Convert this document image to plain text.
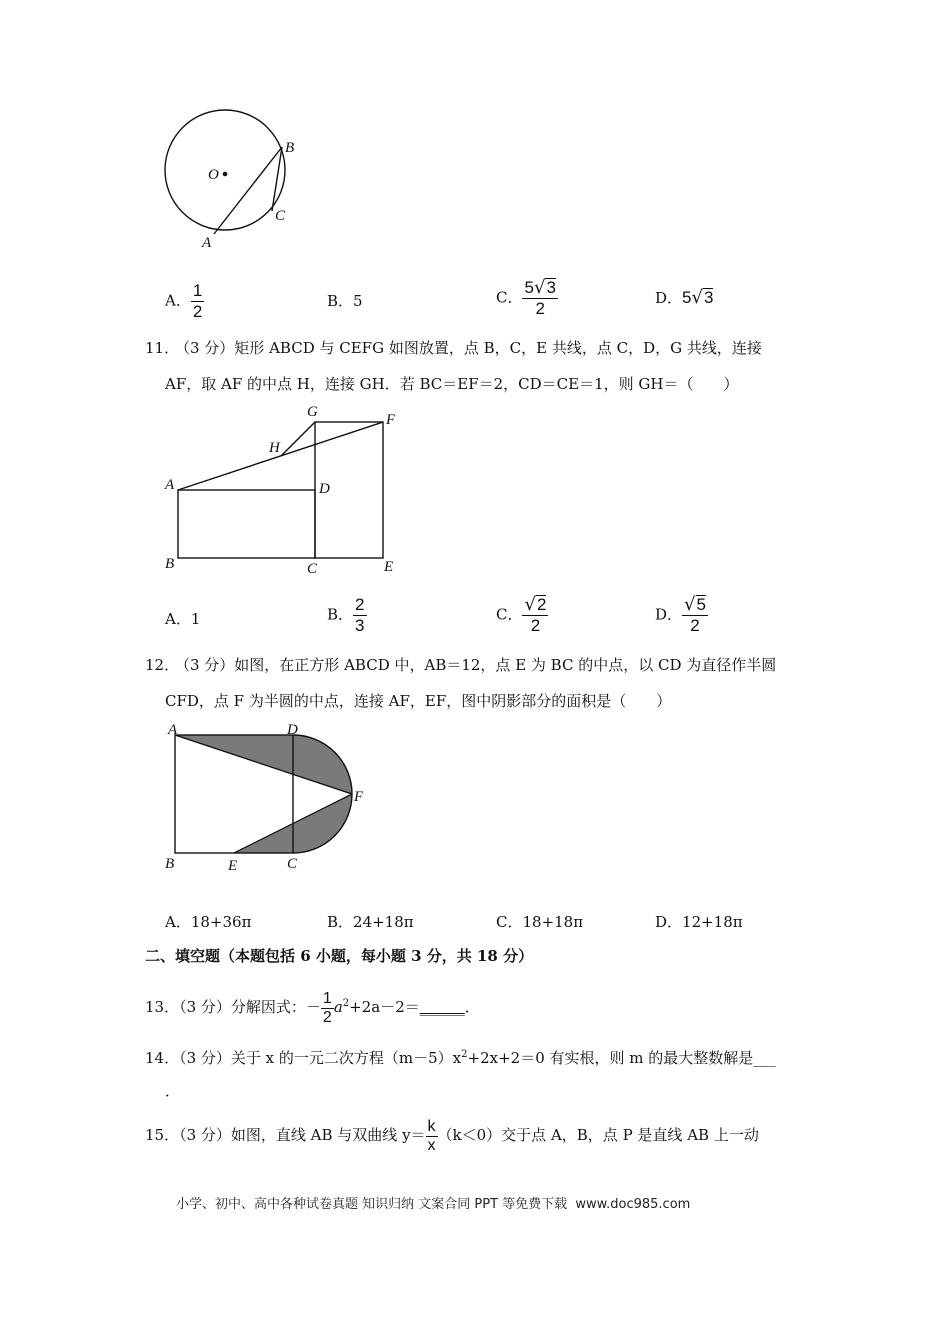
O
B
C
A
A． $\frac{1}{2}$	B．5	C． $\frac{5√3}{2}$	D．5√3
11．
（3 分）矩形 ABCD 与 CEFG 如图放置，点 B，C，E 共线，点 C，D，G 共线，连接
AF，取 AF 的中点 H，连接 GH．若 BC＝EF＝2，CD＝CE＝1，则 GH＝（　　）
G	F
H
A	D
B	C	E
A．1	B． $\frac{2}{3}$	C． $\frac{√2}{2}$	D． $\frac{√5}{2}$
12．
（3 分）如图，在正方形 ABCD 中，AB＝12，点 E 为 BC 的中点，以 CD 为直径作半圆
CFD，点 F 为半圆的中点，连接 AF，EF，图中阴影部分的面积是（　　）
A	D
F
B	E	C
A．18+36π	B．24+18π	C．18+18π	D．12+18π
二、填空题（本题包括 6 小题，每小题 3 分，共 18 分）
13．（3 分）分解因式：－ $\frac{1}{2}$ $a^2+2a-2=\_\_\_\_\_\_$．
14．（3 分）关于 x 的一元二次方程$(m-5)x^2+2x+2=0$ 有实根，则 m 的最大整数解是___
．
15．（3 分）如图，直线 AB 与双曲线 $y= \frac{k}{x} (k<0)$交于点 A，B，点 P 是直线 AB 上一动
小学、初中、高中各种试卷真题 知识归纳 文案合同 PPT 等免费下载 www.doc985.com
